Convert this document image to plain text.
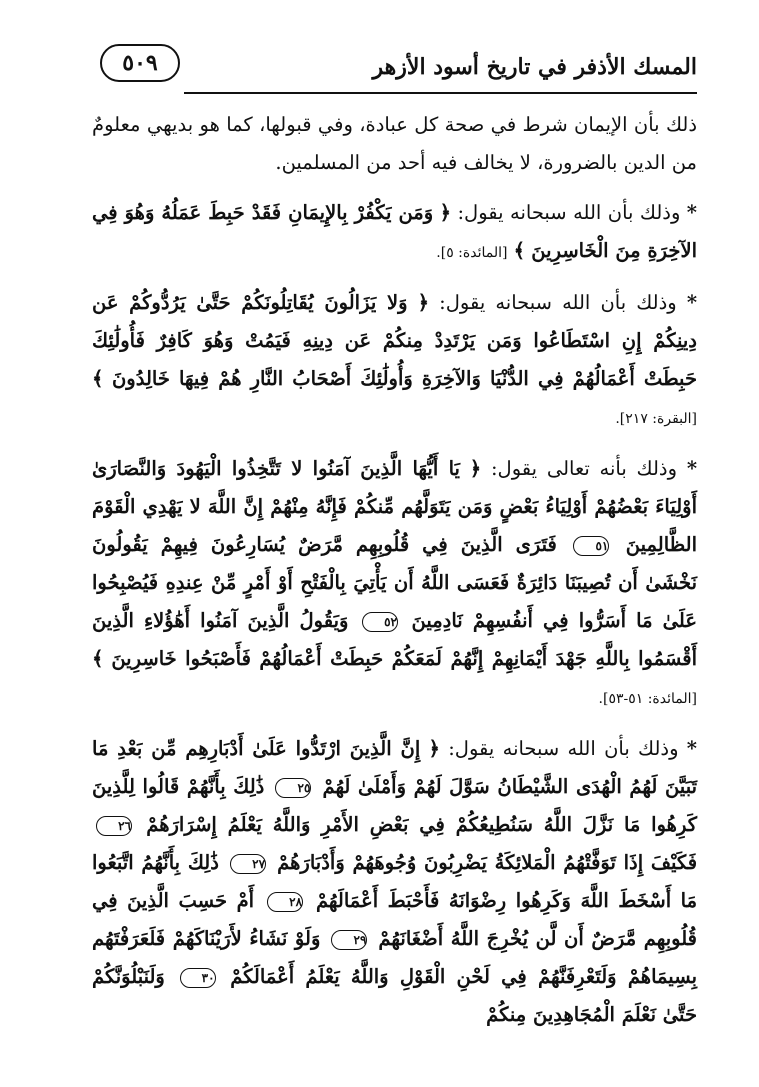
المسك الأذفر في تاريخ أسود الأزهر
٥٠٩

ذلك بأن الإيمان شرط في صحة كل عبادة، وفي قبولها، كما هو بديهي معلومٌ من الدين بالضرورة، لا يخالف فيه أحد من المسلمين.

* وذلك بأن الله سبحانه يقول: ﴿ وَمَن يَكْفُرْ بِالإِيمَانِ فَقَدْ حَبِطَ عَمَلُهُ وَهُوَ فِي الآخِرَةِ مِنَ الْخَاسِرِينَ ﴾ [المائدة: ٥].

* وذلك بأن الله سبحانه يقول: ﴿ وَلا يَزَالُونَ يُقَاتِلُونَكُمْ حَتَّىٰ يَرُدُّوكُمْ عَن دِينِكُمْ إِنِ اسْتَطَاعُوا وَمَن يَرْتَدِدْ مِنكُمْ عَن دِينِهِ فَيَمُتْ وَهُوَ كَافِرٌ فَأُولَٰئِكَ حَبِطَتْ أَعْمَالُهُمْ فِي الدُّنْيَا وَالآخِرَةِ وَأُولَٰئِكَ أَصْحَابُ النَّارِ هُمْ فِيهَا خَالِدُونَ ﴾ [البقرة: ٢١٧].

* وذلك بأنه تعالى يقول: ﴿ يَا أَيُّهَا الَّذِينَ آمَنُوا لا تَتَّخِذُوا الْيَهُودَ وَالنَّصَارَىٰ أَوْلِيَاءَ بَعْضُهُمْ أَوْلِيَاءُ بَعْضٍ وَمَن يَتَوَلَّهُم مِّنكُمْ فَإِنَّهُ مِنْهُمْ إِنَّ اللَّهَ لا يَهْدِي الْقَوْمَ الظَّالِمِينَ ٥١ فَتَرَى الَّذِينَ فِي قُلُوبِهِم مَّرَضٌ يُسَارِعُونَ فِيهِمْ يَقُولُونَ نَخْشَىٰ أَن تُصِيبَنَا دَائِرَةٌ فَعَسَى اللَّهُ أَن يَأْتِيَ بِالْفَتْحِ أَوْ أَمْرٍ مِّنْ عِندِهِ فَيُصْبِحُوا عَلَىٰ مَا أَسَرُّوا فِي أَنفُسِهِمْ نَادِمِينَ ٥٢ وَيَقُولُ الَّذِينَ آمَنُوا أَهَٰؤُلاءِ الَّذِينَ أَقْسَمُوا بِاللَّهِ جَهْدَ أَيْمَانِهِمْ إِنَّهُمْ لَمَعَكُمْ حَبِطَتْ أَعْمَالُهُمْ فَأَصْبَحُوا خَاسِرِينَ ﴾ [المائدة: ٥١-٥٣].

* وذلك بأن الله سبحانه يقول: ﴿ إِنَّ الَّذِينَ ارْتَدُّوا عَلَىٰ أَدْبَارِهِم مِّن بَعْدِ مَا تَبَيَّنَ لَهُمُ الْهُدَى الشَّيْطَانُ سَوَّلَ لَهُمْ وَأَمْلَىٰ لَهُمْ ٢٥ ذَٰلِكَ بِأَنَّهُمْ قَالُوا لِلَّذِينَ كَرِهُوا مَا نَزَّلَ اللَّهُ سَنُطِيعُكُمْ فِي بَعْضِ الأَمْرِ وَاللَّهُ يَعْلَمُ إِسْرَارَهُمْ ٢٦ فَكَيْفَ إِذَا تَوَفَّتْهُمُ الْمَلائِكَةُ يَضْرِبُونَ وُجُوهَهُمْ وَأَدْبَارَهُمْ ٢٧ ذَٰلِكَ بِأَنَّهُمُ اتَّبَعُوا مَا أَسْخَطَ اللَّهَ وَكَرِهُوا رِضْوَانَهُ فَأَحْبَطَ أَعْمَالَهُمْ ٢٨ أَمْ حَسِبَ الَّذِينَ فِي قُلُوبِهِم مَّرَضٌ أَن لَّن يُخْرِجَ اللَّهُ أَضْغَانَهُمْ ٢٩ وَلَوْ نَشَاءُ لأَرَيْنَاكَهُمْ فَلَعَرَفْتَهُم بِسِيمَاهُمْ وَلَتَعْرِفَنَّهُمْ فِي لَحْنِ الْقَوْلِ وَاللَّهُ يَعْلَمُ أَعْمَالَكُمْ ٣٠ وَلَنَبْلُوَنَّكُمْ حَتَّىٰ نَعْلَمَ الْمُجَاهِدِينَ مِنكُمْ
